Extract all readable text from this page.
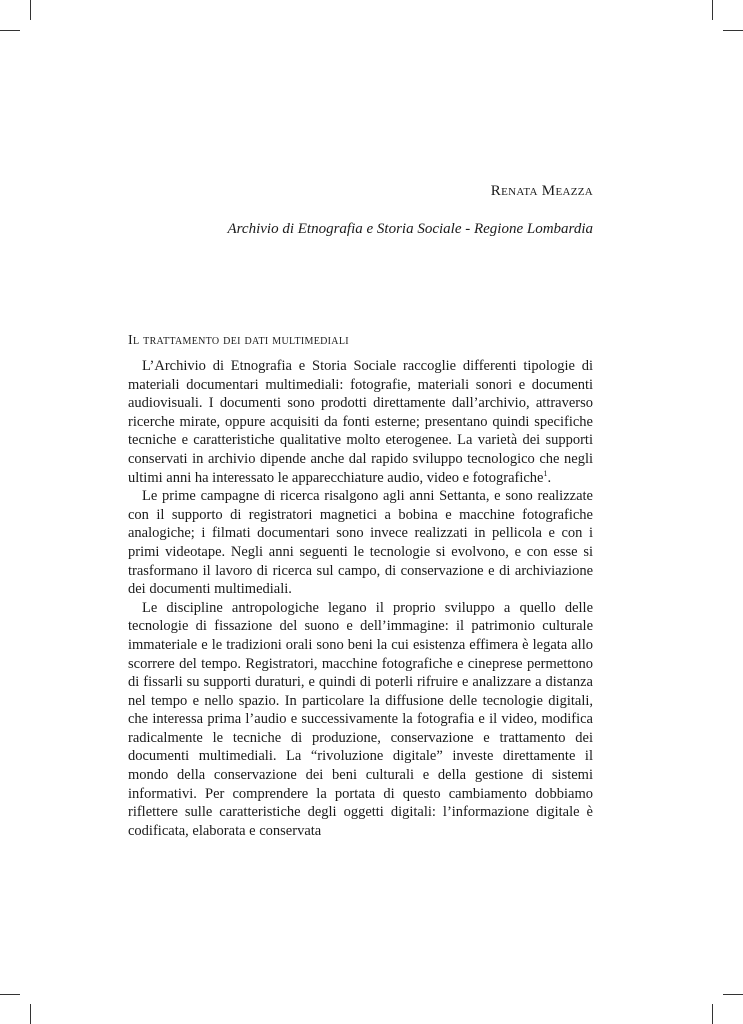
Renata Meazza
Archivio di Etnografia e Storia Sociale - Regione Lombardia
Il trattamento dei dati multimediali

L’Archivio di Etnografia e Storia Sociale raccoglie differenti tipologie di materiali documentari multimediali: fotografie, materiali sonori e documenti audiovisuali. I documenti sono prodotti direttamente dall’archivio, attraverso ricerche mirate, oppure acquisiti da fonti esterne; presentano quindi specifiche tecniche e caratteristiche qualitative molto eterogenee. La varietà dei supporti conservati in archivio dipende anche dal rapido sviluppo tecnologico che negli ultimi anni ha interessato le apparecchiature audio, video e fotografiche$^1$.

Le prime campagne di ricerca risalgono agli anni Settanta, e sono realizzate con il supporto di registratori magnetici a bobina e macchine fotografiche analogiche; i filmati documentari sono invece realizzati in pellicola e con i primi videotape. Negli anni seguenti le tecnologie si evolvono, e con esse si trasformano il lavoro di ricerca sul campo, di conservazione e di archiviazione dei documenti multimediali.

Le discipline antropologiche legano il proprio sviluppo a quello delle tecnologie di fissazione del suono e dell’immagine: il patrimonio culturale immateriale e le tradizioni orali sono beni la cui esistenza effimera è legata allo scorrere del tempo. Registratori, macchine fotografiche e cineprese permettono di fissarli su supporti duraturi, e quindi di poterli rifruire e analizzare a distanza nel tempo e nello spazio. In particolare la diffusione delle tecnologie digitali, che interessa prima l’audio e successivamente la fotografia e il video, modifica radicalmente le tecniche di produzione, conservazione e trattamento dei documenti multimediali. La “rivoluzione digitale” investe direttamente il mondo della conservazione dei beni culturali e della gestione di sistemi informativi. Per comprendere la portata di questo cambiamento dobbiamo riflettere sulle caratteristiche degli oggetti digitali: l’informazione digitale è codificata, elaborata e conservata
